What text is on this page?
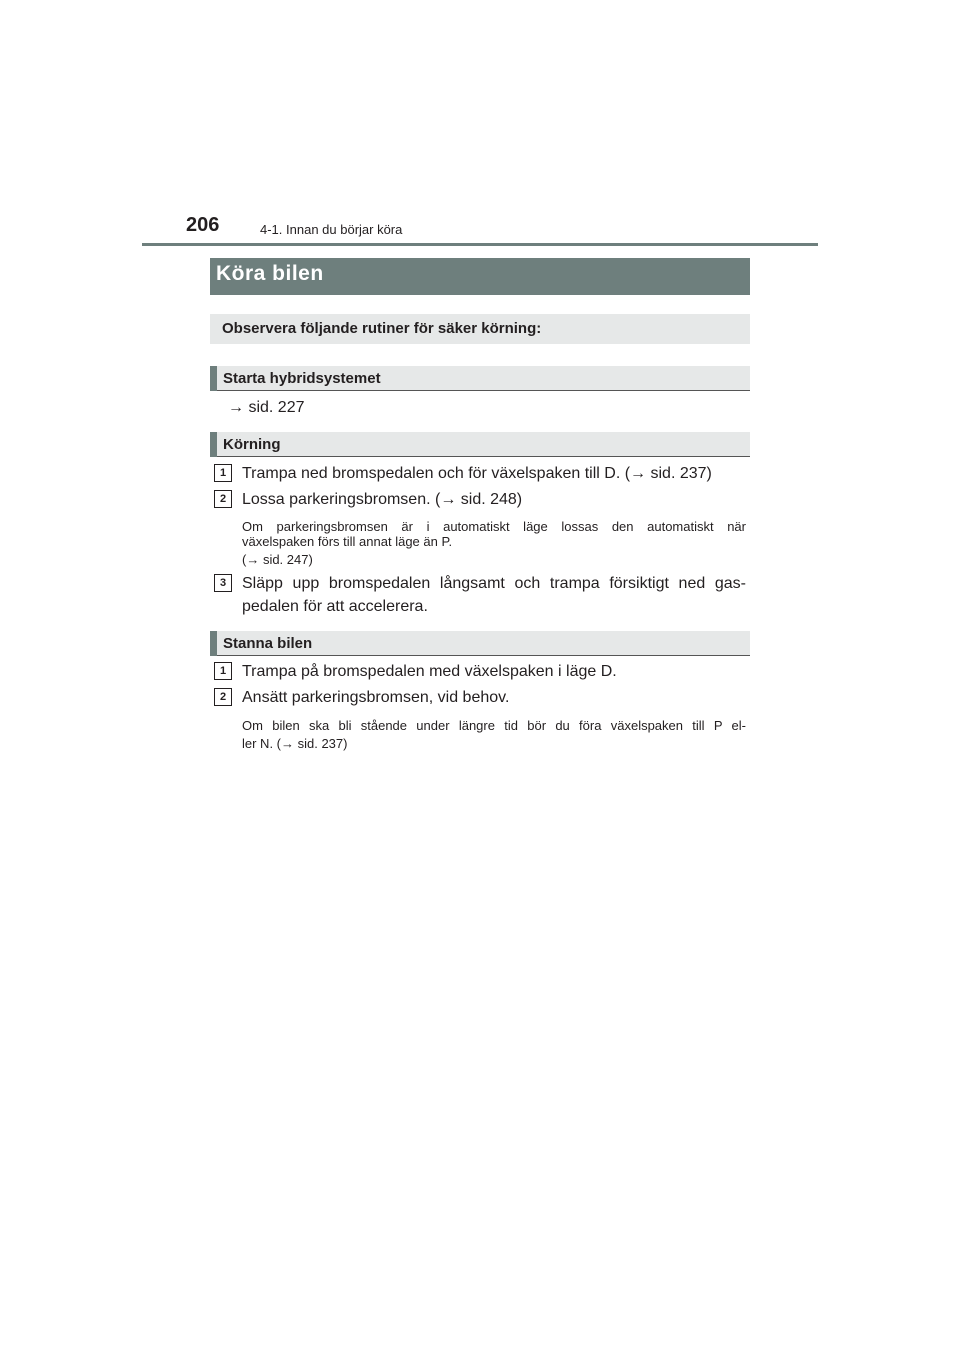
206	4-1. Innan du börjar köra
Köra bilen
Observera följande rutiner för säker körning:
Starta hybridsystemet
→ sid. 227
Körning
1 Trampa ned bromspedalen och för växelspaken till D. (→ sid. 237)
2 Lossa parkeringsbromsen. (→ sid. 248)
Om parkeringsbromsen är i automatiskt läge lossas den automatiskt när
växelspaken förs till annat läge än P.
(→ sid. 247)
3 Släpp upp bromspedalen långsamt och trampa försiktigt ned gas-
pedalen för att accelerera.
Stanna bilen
1 Trampa på bromspedalen med växelspaken i läge D.
2 Ansätt parkeringsbromsen, vid behov.
Om bilen ska bli stående under längre tid bör du föra växelspaken till P el-
ler N. (→ sid. 237)
